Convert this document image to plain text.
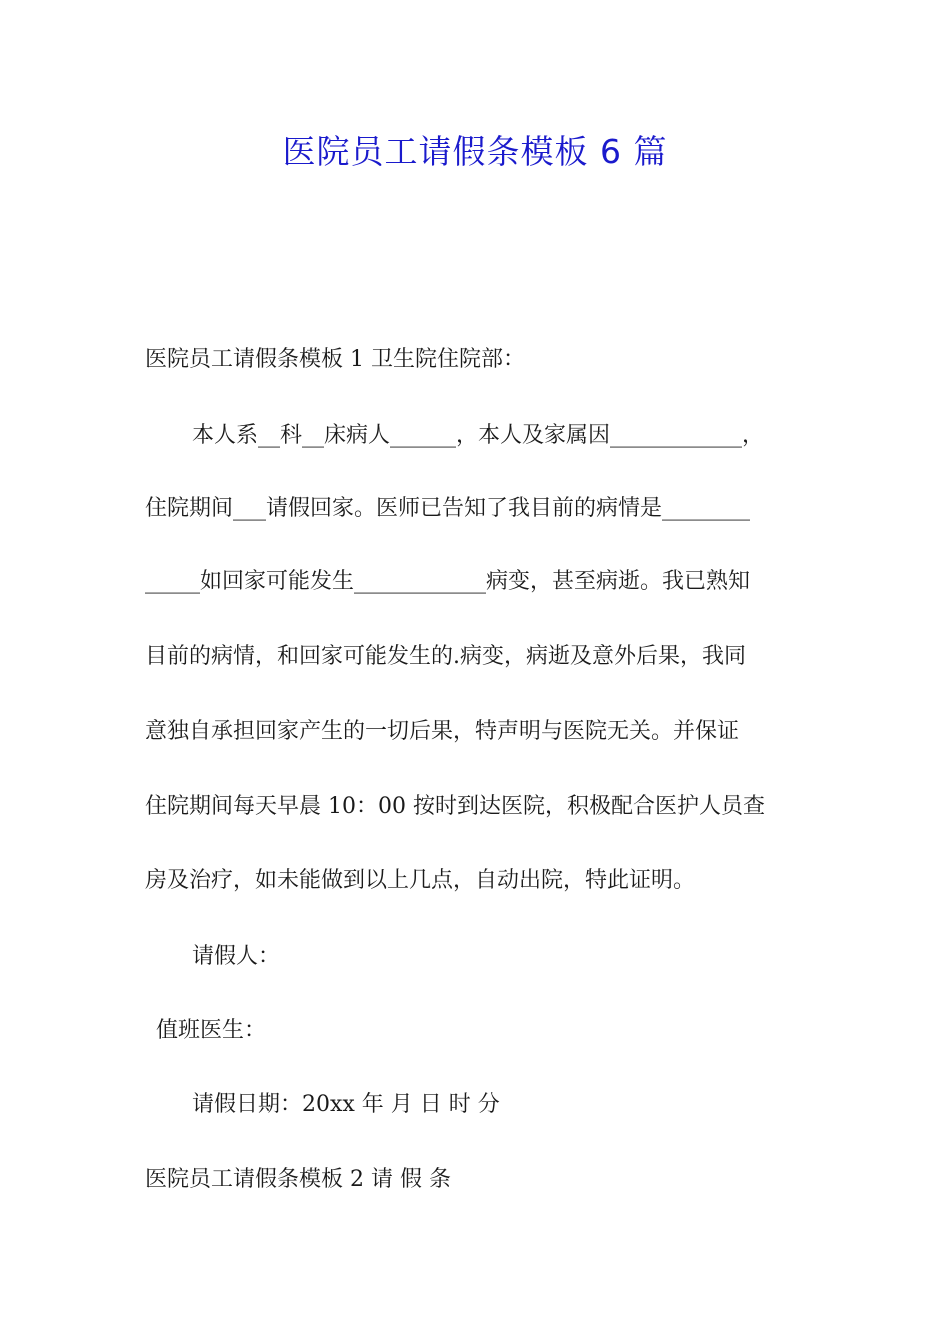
医院员工请假条模板 6 篇

医院员工请假条模板 1 卫生院住院部：

本人系__科__床病人______，本人及家属因____________，

住院期间___请假回家。医师已告知了我目前的病情是________

_____如回家可能发生____________病变，甚至病逝。我已熟知

目前的病情，和回家可能发生的.病变，病逝及意外后果，我同

意独自承担回家产生的一切后果，特声明与医院无关。并保证

住院期间每天早晨 10：00 按时到达医院，积极配合医护人员查

房及治疗，如未能做到以上几点，自动出院，特此证明。

请假人：

值班医生：

请假日期：20xx 年 月 日 时 分

医院员工请假条模板 2 请 假 条
